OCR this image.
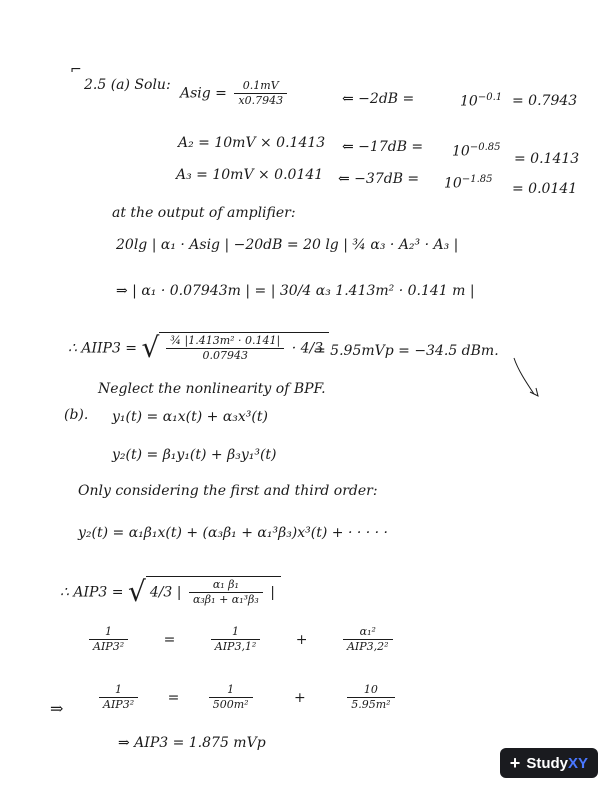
⌐
2.5 (a) Solu:
Asig = $\frac{0.1mV}{x0.7943}$	⇐ −2dB =	$10^{-0.1} = 0.7943$
A₂ = 10mV × 0.1413 ⇐ $-17dB = 10^{-0.85}$
= 0.1413
A₃ = 10mV × 0.0141 ⇐ $-37dB = 10^{-1.85}$
= 0.0141
at the output of amplifier:
20lg | α₁ · Asig | −20dB = 20 lg | ¾ α₃ · A₂³ · A₃ |
⇒ | α₁ · 0.07943m | = | 30/4 α₃ 1.413m² · 0.141 m |
∴ AIIP3 = √ $\frac{\text{¾ |1.413m² · 0.141|}}{0.07943} \cdot 4/3$
= 5.95mVp = −34.5 dBm.
Neglect the nonlinearity of BPF.
(b). y₁(t) = α₁x(t) + α₃x³(t)
y₂(t) = β₁y₁(t) + β₃y₁³(t)
Only considering the first and third order:
y₂(t) = α₁β₁x(t) + (α₃β₁ + α₁³β₃)x³(t) + · · · · ·
∴ AIP3 = √ 4/3 | $\frac{\text{α₁ β₁}}{\text{α₃β₁ + α₁³β₃}}$ |
$\frac{1}{\text{AIP3²}}$	=	$\frac{1}{\text{AIP3,1²}}$	+	$\frac{\text{α₁²}}{\text{AIP3,2²}}$
⇒	$\frac{1}{\text{AIP3²}}$ =	$\frac{1}{\text{500m²}}$	+	$\frac{10}{\text{5.95m²}}$
⇒ AIP3 = 1.875 mVp
+ StudyXY
